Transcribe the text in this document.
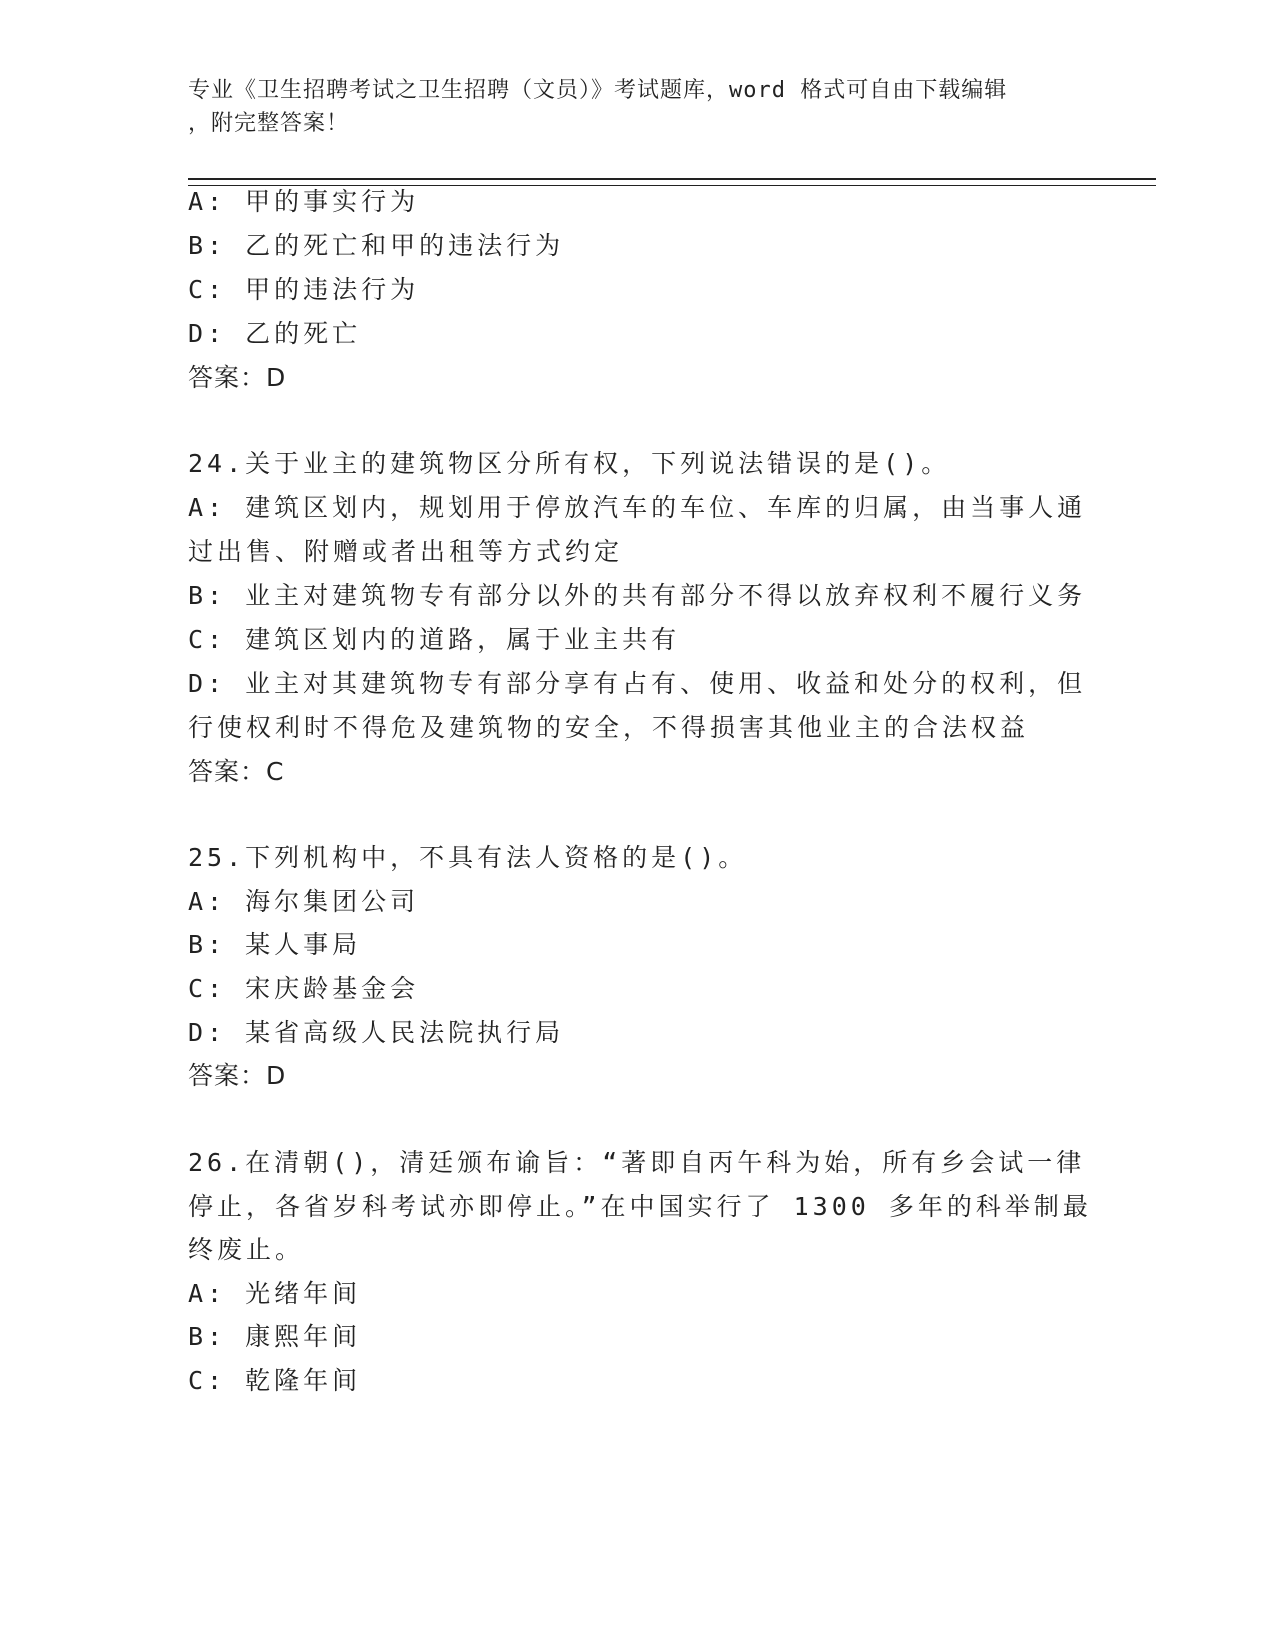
专业《卫生招聘考试之卫生招聘（文员）》考试题库，word 格式可自由下载编辑
，附完整答案！
A: 甲的事实行为
B: 乙的死亡和甲的违法行为
C: 甲的违法行为
D: 乙的死亡
答案：D
24.关于业主的建筑物区分所有权，下列说法错误的是()。
A: 建筑区划内，规划用于停放汽车的车位、车库的归属，由当事人通
过出售、附赠或者出租等方式约定
B: 业主对建筑物专有部分以外的共有部分不得以放弃权利不履行义务
C: 建筑区划内的道路，属于业主共有
D: 业主对其建筑物专有部分享有占有、使用、收益和处分的权利，但
行使权利时不得危及建筑物的安全，不得损害其他业主的合法权益
答案：C
25.下列机构中，不具有法人资格的是()。
A: 海尔集团公司
B: 某人事局
C: 宋庆龄基金会
D: 某省高级人民法院执行局
答案：D
26.在清朝()，清廷颁布谕旨：“著即自丙午科为始，所有乡会试一律
停止，各省岁科考试亦即停止。”在中国实行了 1300 多年的科举制最
终废止。
A: 光绪年间
B: 康熙年间
C: 乾隆年间
